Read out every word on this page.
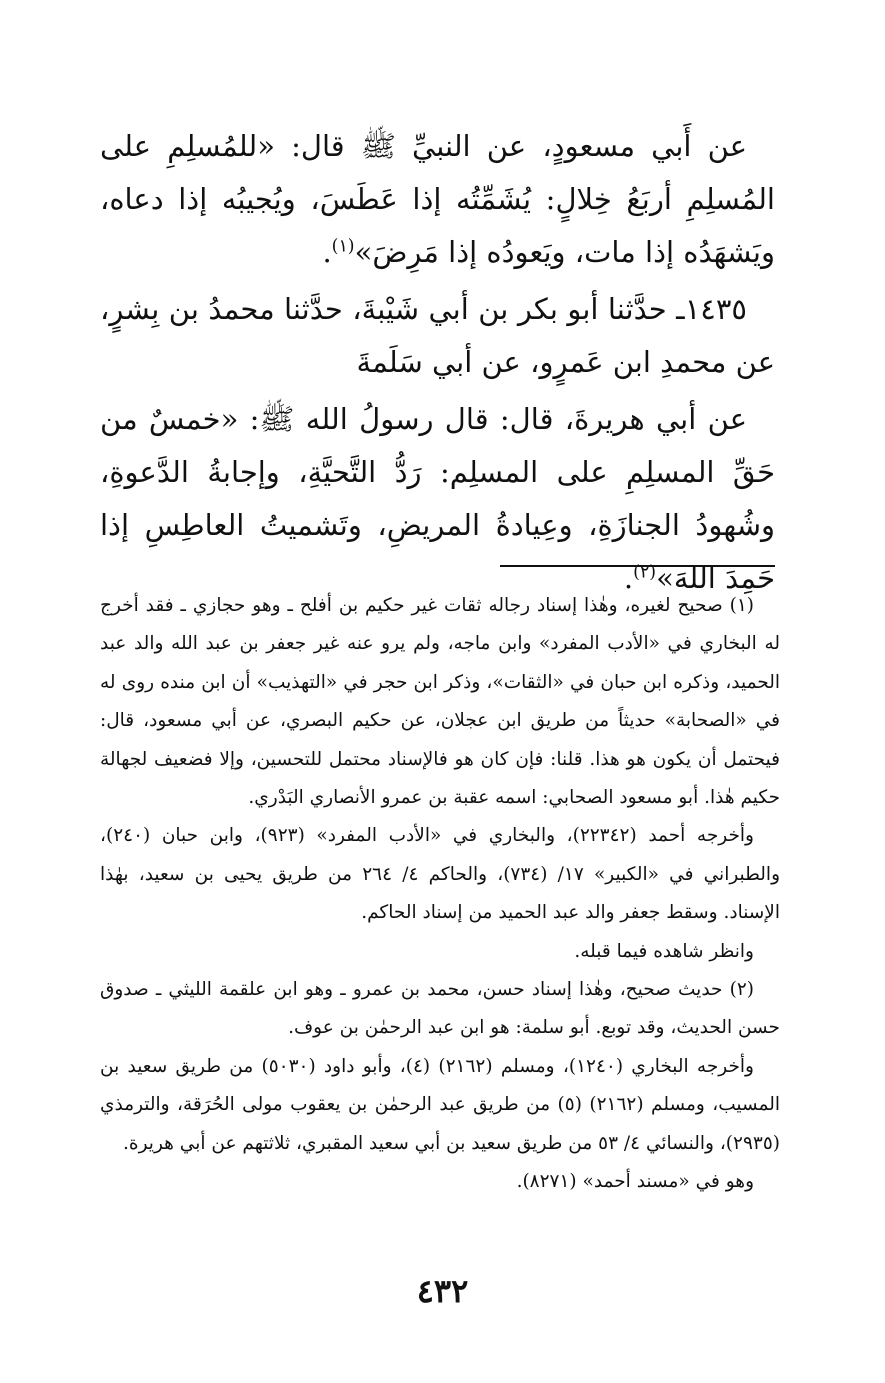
عن أَبي مسعودٍ، عن النبيِّ ﷺ قال: «للمُسلِمِ على المُسلِمِ أربَعُ خِلالٍ: يُشَمِّتُه إذا عَطَسَ، ويُجيبُه إذا دعاه، ويَشهَدُه إذا مات، ويَعودُه إذا مَرِضَ»$^{(١)}$.

١٤٣٥ـ حدَّثنا أبو بكر بن أبي شَيْبةَ، حدَّثنا محمدُ بن بِشرٍ، عن محمدِ ابن عَمرٍو، عن أبي سَلَمةَ

عن أبي هريرةَ، قال: قال رسولُ الله ﷺ: «خمسٌ من حَقِّ المسلِمِ على المسلِم: رَدُّ التَّحيَّةِ، وإجابةُ الدَّعوةِ، وشُهودُ الجنازَةِ، وعِيادةُ المريضِ، وتَشميتُ العاطِسِ إذا حَمِدَ اللهَ»$^{(٢)}$.

(١) صحيح لغيره، وهٰذا إسناد رجاله ثقات غير حكيم بن أفلح ـ وهو حجازي ـ فقد أخرج له البخاري في «الأدب المفرد» وابن ماجه، ولم يرو عنه غير جعفر بن عبد الله والد عبد الحميد، وذكره ابن حبان في «الثقات»، وذكر ابن حجر في «التهذيب» أن ابن منده روى له في «الصحابة» حديثاً من طريق ابن عجلان، عن حكيم البصري، عن أبي مسعود، قال: فيحتمل أن يكون هو هذا. قلنا: فإن كان هو فالإسناد محتمل للتحسين، وإلا فضعيف لجهالة حكيم هٰذا. أبو مسعود الصحابي: اسمه عقبة بن عمرو الأنصاري البَدْري.

وأخرجه أحمد (٢٢٣٤٢)، والبخاري في «الأدب المفرد» (٩٢٣)، وابن حبان (٢٤٠)، والطبراني في «الكبير» ١٧/ (٧٣٤)، والحاكم ٤/ ٢٦٤ من طريق يحيى بن سعيد، بهٰذا الإسناد. وسقط جعفر والد عبد الحميد من إسناد الحاكم.

وانظر شاهده فيما قبله.

(٢) حديث صحيح، وهٰذا إسناد حسن، محمد بن عمرو ـ وهو ابن علقمة الليثي ـ صدوق حسن الحديث، وقد توبع. أبو سلمة: هو ابن عبد الرحمٰن بن عوف.

وأخرجه البخاري (١٢٤٠)، ومسلم (٢١٦٢) (٤)، وأبو داود (٥٠٣٠) من طريق سعيد بن المسيب، ومسلم (٢١٦٢) (٥) من طريق عبد الرحمٰن بن يعقوب مولى الحُرَقة، والترمذي (٢٩٣٥)، والنسائي ٤/ ٥٣ من طريق سعيد بن أبي سعيد المقبري، ثلاثتهم عن أبي هريرة.

وهو في «مسند أحمد» (٨٢٧١).

٤٣٢
